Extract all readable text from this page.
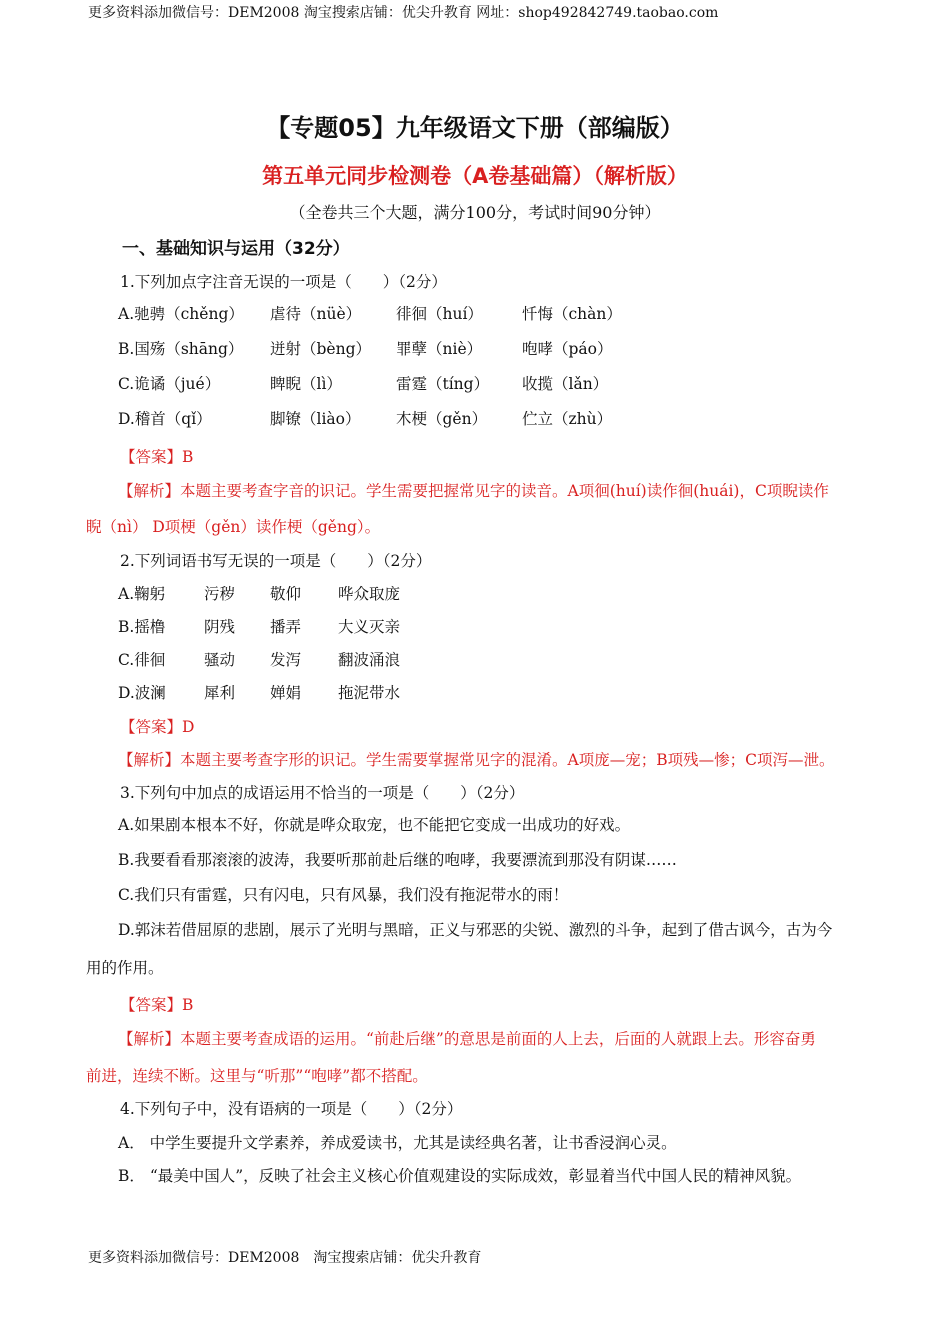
更多资料添加微信号：DEM2008 淘宝搜索店铺：优尖升教育 网址：shop492842749.taobao.com
【专题05】九年级语文下册（部编版）
第五单元同步检测卷（A卷基础篇）（解析版）
（全卷共三个大题，满分100分，考试时间90分钟）
一、基础知识与运用（32分）
1.下列加点字注音无误的一项是（　　）（2分）
A.驰骋（chěng） 虐待（nüè） 徘徊（huí）	忏悔（chàn）
B.国殇（shāng） 迸射（bèng） 罪孽（niè）	咆哮（páo）
C.诡谲（jué）	睥睨（lì）	雷霆（tíng） 收揽（lǎn）
D.稽首（qǐ）	脚镣（liào） 木梗（gěn） 伫立（zhù）
【答案】B
【解析】本题主要考查字音的识记。学生需要把握常见字的读音。A项徊(huí)读作徊(huái)，C项睨读作
睨（nì） D项梗（gěn）读作梗（gěng）。
2.下列词语书写无误的一项是（　　）（2分）
A.鞠躬	污秽 敬仰 哗众取庞
B.摇橹 阴残 播弄 大义灭亲
C.徘徊	骚动 发泻 翻波涌浪
D.波澜 犀利 婵娟 拖泥带水
【答案】D
【解析】本题主要考查字形的识记。学生需要掌握常见字的混淆。A项庞—宠；B项残—惨；C项泻—泄。
3.下列句中加点的成语运用不恰当的一项是（　　）（2分）
A.如果剧本根本不好，你就是哗众取宠，也不能把它变成一出成功的好戏。
B.我要看看那滚滚的波涛，我要听那前赴后继的咆哮，我要漂流到那没有阴谋……
C.我们只有雷霆，只有闪电，只有风暴，我们没有拖泥带水的雨！
D.郭沫若借屈原的悲剧，展示了光明与黑暗，正义与邪恶的尖锐、激烈的斗争，起到了借古讽今，古为今
用的作用。
【答案】B
【解析】本题主要考查成语的运用。“前赴后继”的意思是前面的人上去，后面的人就跟上去。形容奋勇
前进，连续不断。这里与“听那”“咆哮”都不搭配。
4.下列句子中，没有语病的一项是（　　）（2分）
A． 中学生要提升文学素养，养成爱读书，尤其是读经典名著，让书香浸润心灵。
B． “最美中国人”，反映了社会主义核心价值观建设的实际成效，彰显着当代中国人民的精神风貌。
更多资料添加微信号：DEM2008　淘宝搜索店铺：优尖升教育
